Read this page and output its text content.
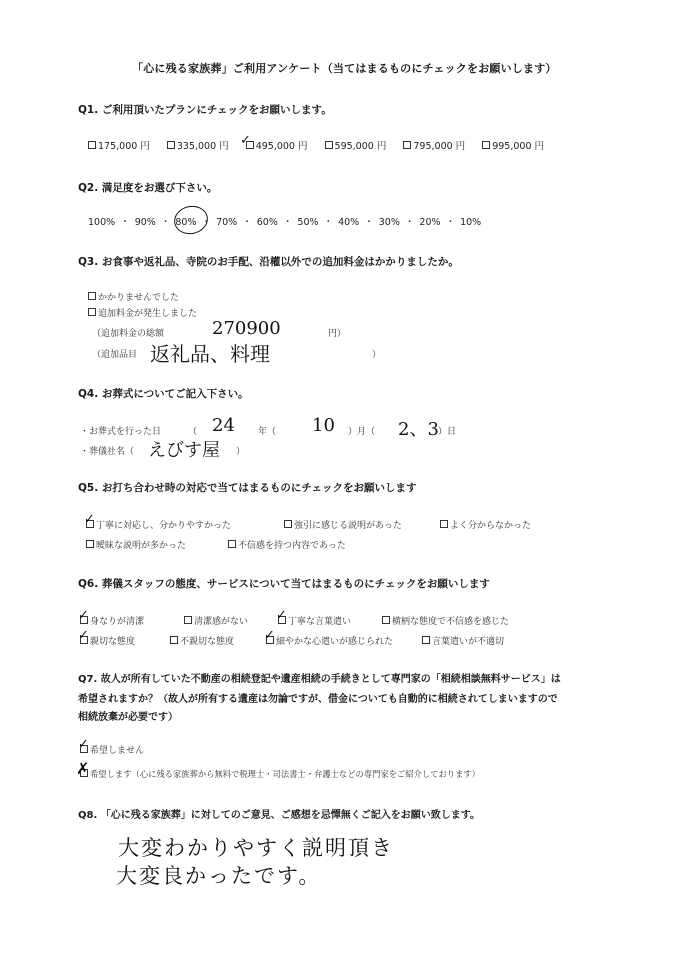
「心に残る家族葬」ご利用アンケート（当てはまるものにチェックをお願いします）
Q1. ご利用頂いたプランにチェックをお願いします。
175,000 円	335,000 円	495,000 円	595,000 円	795,000 円	995,000 円
✓
Q2. 満足度をお選び下さい。
100% ・ 90% ・ 80% ・ 70% ・ 60% ・ 50% ・ 40% ・ 30% ・ 20% ・ 10%
Q3. お食事や返礼品、寺院のお手配、沿權以外での追加料金はかかりましたか。
かかりませんでした
追加料金が発生しました
（追加料金の総額	270900	円）
（追加品目 返礼品、料理	）
Q4. お葬式についてご記入下さい。
・お葬式を行った日	（ 24	年（ 10 ）月（ 2、3 ）日
・葬儀社名（ えびす屋 ）
Q5. お打ち合わせ時の対応で当てはまるものにチェックをお願いします
丁寧に対応し、分かりやすかった	強引に感じる説明があった	よく分からなかった
曖昧な説明が多かった	不信感を持つ内容であった
✓
Q6. 葬儀スタッフの態度、サービスについて当てはまるものにチェックをお願いします
身なりが清潔	清潔感がない	丁寧な言葉遣い	横柄な態度で不信感を感じた
親切な態度	不親切な態度	細やかな心遣いが感じられた	言葉遣いが不適切
✓	✓
✓	✓
Q7. 故人が所有していた不動産の相続登記や遺産相続の手続きとして専門家の「相続相談無料サービス」は
希望されますか？（故人が所有する遺産は勿論ですが、借金についても自動的に相続されてしまいますので
相続放棄が必要です）
希望しません
希望します（心に残る家族葬から無料で税理士・司法書士・弁護士などの専門家をご紹介しております）
✓
✗
Q8. 「心に残る家族葬」に対してのご意見、ご感想を忌憚無くご記入をお願い致します。
大変わかりやすく説明頂き
大変良かったです。
